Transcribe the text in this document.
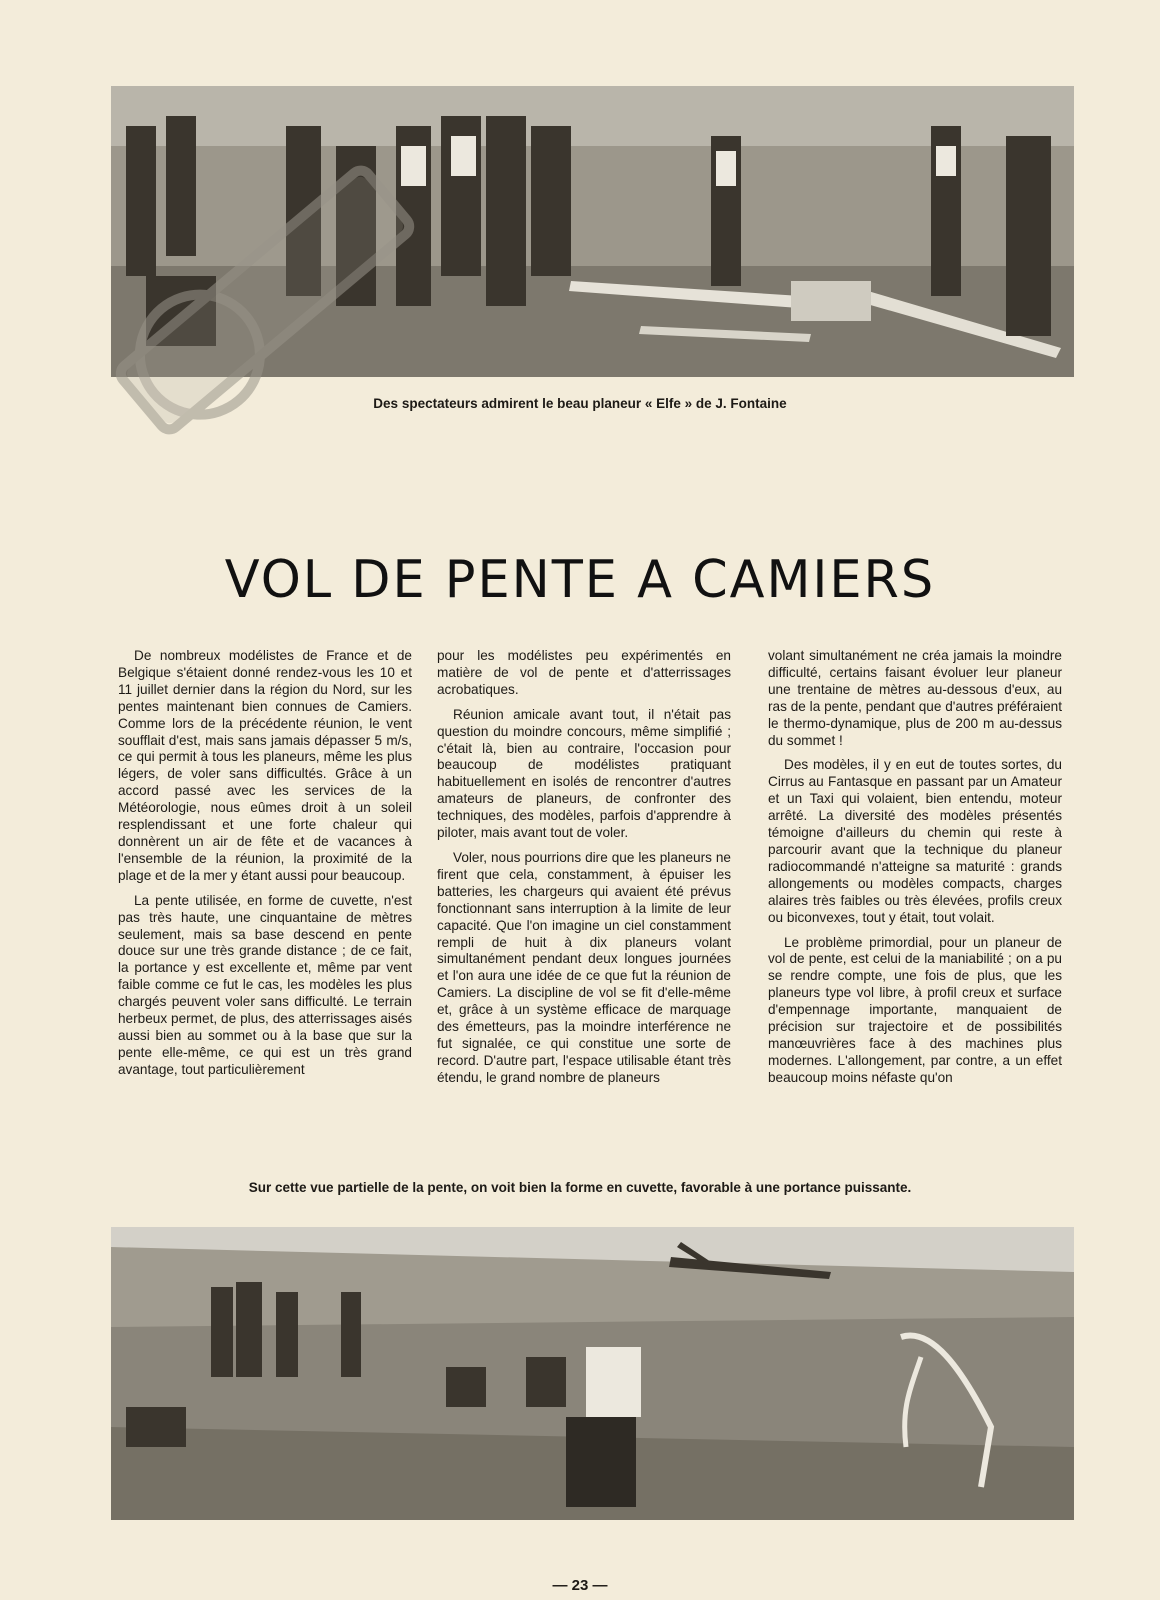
Des spectateurs admirent le beau planeur « Elfe » de J. Fontaine
VOL DE PENTE A CAMIERS

De nombreux modélistes de France et de Belgique s'étaient donné rendez-vous les 10 et 11 juillet dernier dans la région du Nord, sur les pentes maintenant bien connues de Camiers. Comme lors de la précédente réunion, le vent soufflait d'est, mais sans jamais dépasser 5 m/s, ce qui permit à tous les planeurs, même les plus légers, de voler sans difficultés. Grâce à un accord passé avec les services de la Météorologie, nous eûmes droit à un soleil resplendissant et une forte chaleur qui donnèrent un air de fête et de vacances à l'ensemble de la réunion, la proximité de la plage et de la mer y étant aussi pour beaucoup.

La pente utilisée, en forme de cuvette, n'est pas très haute, une cinquantaine de mètres seulement, mais sa base descend en pente douce sur une très grande distance ; de ce fait, la portance y est excellente et, même par vent faible comme ce fut le cas, les modèles les plus chargés peuvent voler sans difficulté. Le terrain herbeux permet, de plus, des atterrissages aisés aussi bien au sommet ou à la base que sur la pente elle-même, ce qui est un très grand avantage, tout particulièrement

pour les modélistes peu expérimentés en matière de vol de pente et d'atterrissages acrobatiques.

Réunion amicale avant tout, il n'était pas question du moindre concours, même simplifié ; c'était là, bien au contraire, l'occasion pour beaucoup de modélistes pratiquant habituellement en isolés de rencontrer d'autres amateurs de planeurs, de confronter des techniques, des modèles, parfois d'apprendre à piloter, mais avant tout de voler.

Voler, nous pourrions dire que les planeurs ne firent que cela, constamment, à épuiser les batteries, les chargeurs qui avaient été prévus fonctionnant sans interruption à la limite de leur capacité. Que l'on imagine un ciel constamment rempli de huit à dix planeurs volant simultanément pendant deux longues journées et l'on aura une idée de ce que fut la réunion de Camiers. La discipline de vol se fit d'elle-même et, grâce à un système efficace de marquage des émetteurs, pas la moindre interférence ne fut signalée, ce qui constitue une sorte de record. D'autre part, l'espace utilisable étant très étendu, le grand nombre de planeurs

volant simultanément ne créa jamais la moindre difficulté, certains faisant évoluer leur planeur une trentaine de mètres au-dessous d'eux, au ras de la pente, pendant que d'autres préféraient le thermo-dynamique, plus de 200 m au-dessus du sommet !

Des modèles, il y en eut de toutes sortes, du Cirrus au Fantasque en passant par un Amateur et un Taxi qui volaient, bien entendu, moteur arrêté. La diversité des modèles présentés témoigne d'ailleurs du chemin qui reste à parcourir avant que la technique du planeur radiocommandé n'atteigne sa maturité : grands allongements ou modèles compacts, charges alaires très faibles ou très élevées, profils creux ou biconvexes, tout y était, tout volait.

Le problème primordial, pour un planeur de vol de pente, est celui de la maniabilité ; on a pu se rendre compte, une fois de plus, que les planeurs type vol libre, à profil creux et surface d'empennage importante, manquaient de précision sur trajectoire et de possibilités manœuvrières face à des machines plus modernes. L'allongement, par contre, a un effet beaucoup moins néfaste qu'on

Sur cette vue partielle de la pente, on voit bien la forme en cuvette, favorable à une portance puissante.
— 23 —
